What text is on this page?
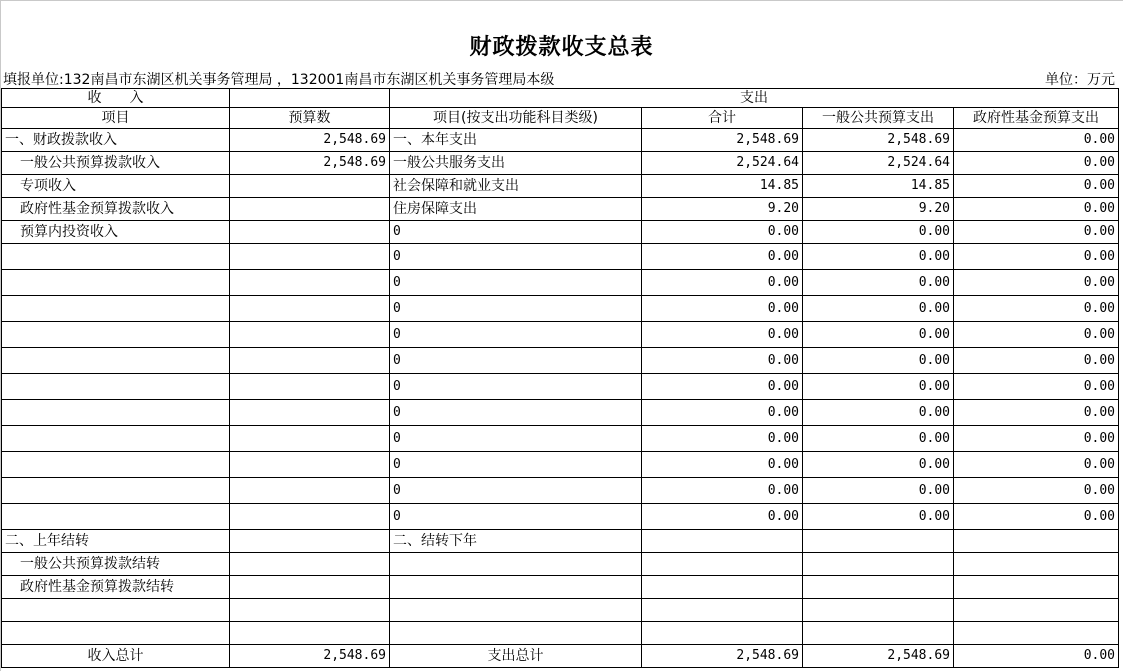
财政拨款收支总表
填报单位:132南昌市东湖区机关事务管理局 ，132001南昌市东湖区机关事务管理局本级	单位：万元
收　　入		支出			
项目	预算数	项目(按支出功能科目类级)	合计	一般公共预算支出	政府性基金预算支出
一、财政拨款收入	2,548.69	一、本年支出	2,548.69	2,548.69	0.00
一般公共预算拨款收入	2,548.69	一般公共服务支出	2,524.64	2,524.64	0.00
专项收入		社会保障和就业支出	14.85	14.85	0.00
政府性基金预算拨款收入		住房保障支出	9.20	9.20	0.00
预算内投资收入		0	0.00	0.00	0.00
		0	0.00	0.00	0.00
		0	0.00	0.00	0.00
		0	0.00	0.00	0.00
		0	0.00	0.00	0.00
		0	0.00	0.00	0.00
		0	0.00	0.00	0.00
		0	0.00	0.00	0.00
		0	0.00	0.00	0.00
		0	0.00	0.00	0.00
		0	0.00	0.00	0.00
		0	0.00	0.00	0.00
二、上年结转		二、结转下年			
一般公共预算拨款结转					
政府性基金预算拨款结转					

收入总计	2,548.69	支出总计	2,548.69	2,548.69	0.00
